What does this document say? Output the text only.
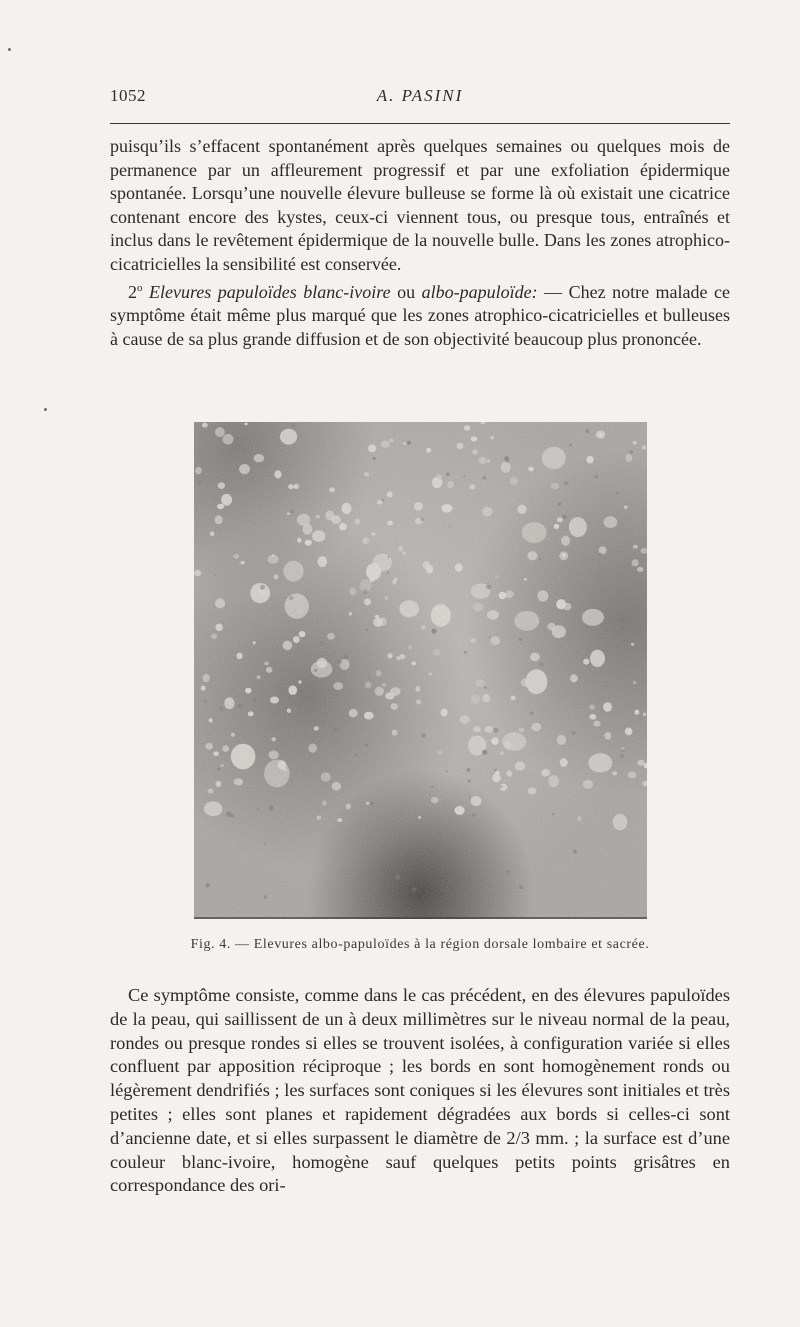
1052	A. PASINI

puisqu’ils s’effacent spontanément après quelques semaines ou quelques mois de permanence par un affleurement progressif et par une exfoliation épidermique spontanée. Lorsqu’une nouvelle élevure bulleuse se forme là où existait une cicatrice contenant encore des kystes, ceux-ci viennent tous, ou presque tous, entraînés et inclus dans le revêtement épidermique de la nouvelle bulle. Dans les zones atrophico-cicatricielles la sensibilité est conservée.

2$^o$ Elevures papuloïdes blanc-ivoire ou albo-papuloïde: — Chez notre malade ce symptôme était même plus marqué que les zones atrophico-cicatricielles et bulleuses à cause de sa plus grande diffusion et de son objectivité beaucoup plus prononcée.

Fig. 4. — Elevures albo-papuloïdes à la région dorsale lombaire et sacrée.

Ce symptôme consiste, comme dans le cas précédent, en des élevures papuloïdes de la peau, qui saillissent de un à deux millimètres sur le niveau normal de la peau, rondes ou presque rondes si elles se trouvent isolées, à configuration variée si elles confluent par apposition réciproque ; les bords en sont homogènement ronds ou légèrement dendrifiés ; les surfaces sont coniques si les élevures sont initiales et très petites ; elles sont planes et rapidement dégradées aux bords si celles-ci sont d’ancienne date, et si elles surpassent le diamètre de 2/3 mm. ; la surface est d’une couleur blanc-ivoire, homogène sauf quelques petits points grisâtres en correspondance des ori-
